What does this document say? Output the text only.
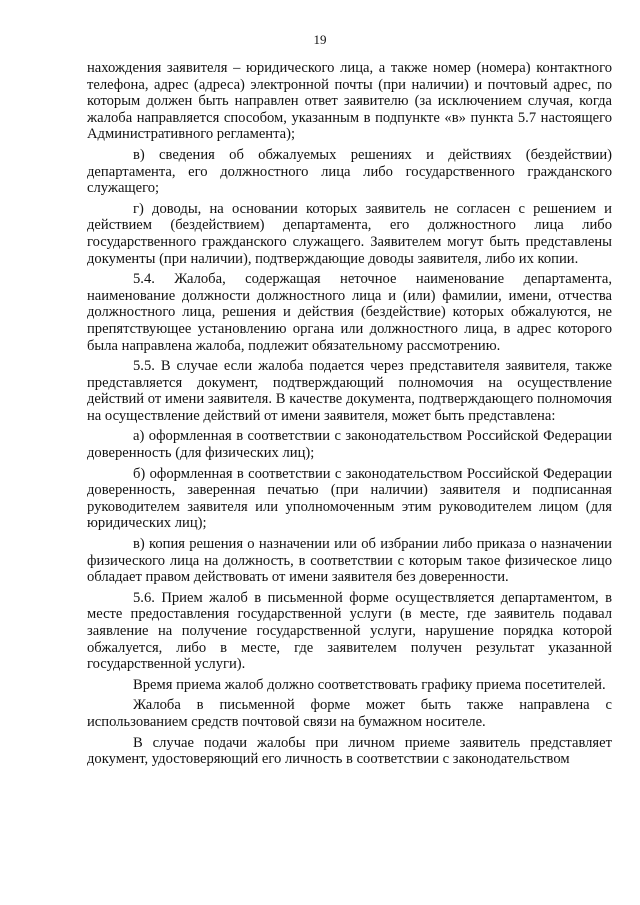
19

нахождения заявителя – юридического лица, а также номер (номера) контактного телефона, адрес (адреса) электронной почты (при наличии) и почтовый адрес, по которым должен быть направлен ответ заявителю (за исключением случая, когда жалоба направляется способом, указанным в подпункте «в» пункта 5.7 настоящего Административного регламента);

в) сведения об обжалуемых решениях и действиях (бездействии) департамента, его должностного лица либо государственного гражданского служащего;

г) доводы, на основании которых заявитель не согласен с решением и действием (бездействием) департамента, его должностного лица либо государственного гражданского служащего. Заявителем могут быть представлены документы (при наличии), подтверждающие доводы заявителя, либо их копии.

5.4. Жалоба, содержащая неточное наименование департамента, наименование должности должностного лица и (или) фамилии, имени, отчества должностного лица, решения и действия (бездействие) которых обжалуются, не препятствующее установлению органа или должностного лица, в адрес которого была направлена жалоба, подлежит обязательному рассмотрению.

5.5. В случае если жалоба подается через представителя заявителя, также представляется документ, подтверждающий полномочия на осуществление действий от имени заявителя. В качестве документа, подтверждающего полномочия на осуществление действий от имени заявителя, может быть представлена:

а) оформленная в соответствии с законодательством Российской Федерации доверенность (для физических лиц);

б) оформленная в соответствии с законодательством Российской Федерации доверенность, заверенная печатью (при наличии) заявителя и подписанная руководителем заявителя или уполномоченным этим руководителем лицом (для юридических лиц);

в) копия решения о назначении или об избрании либо приказа о назначении физического лица на должность, в соответствии с которым такое физическое лицо обладает правом действовать от имени заявителя без доверенности.

5.6. Прием жалоб в письменной форме осуществляется департаментом, в месте предоставления государственной услуги (в месте, где заявитель подавал заявление на получение государственной услуги, нарушение порядка которой обжалуется, либо в месте, где заявителем получен результат указанной государственной услуги).

Время приема жалоб должно соответствовать графику приема посетителей.

Жалоба в письменной форме может быть также направлена с использованием средств почтовой связи на бумажном носителе.

В случае подачи жалобы при личном приеме заявитель представляет документ, удостоверяющий его личность в соответствии с законодательством
